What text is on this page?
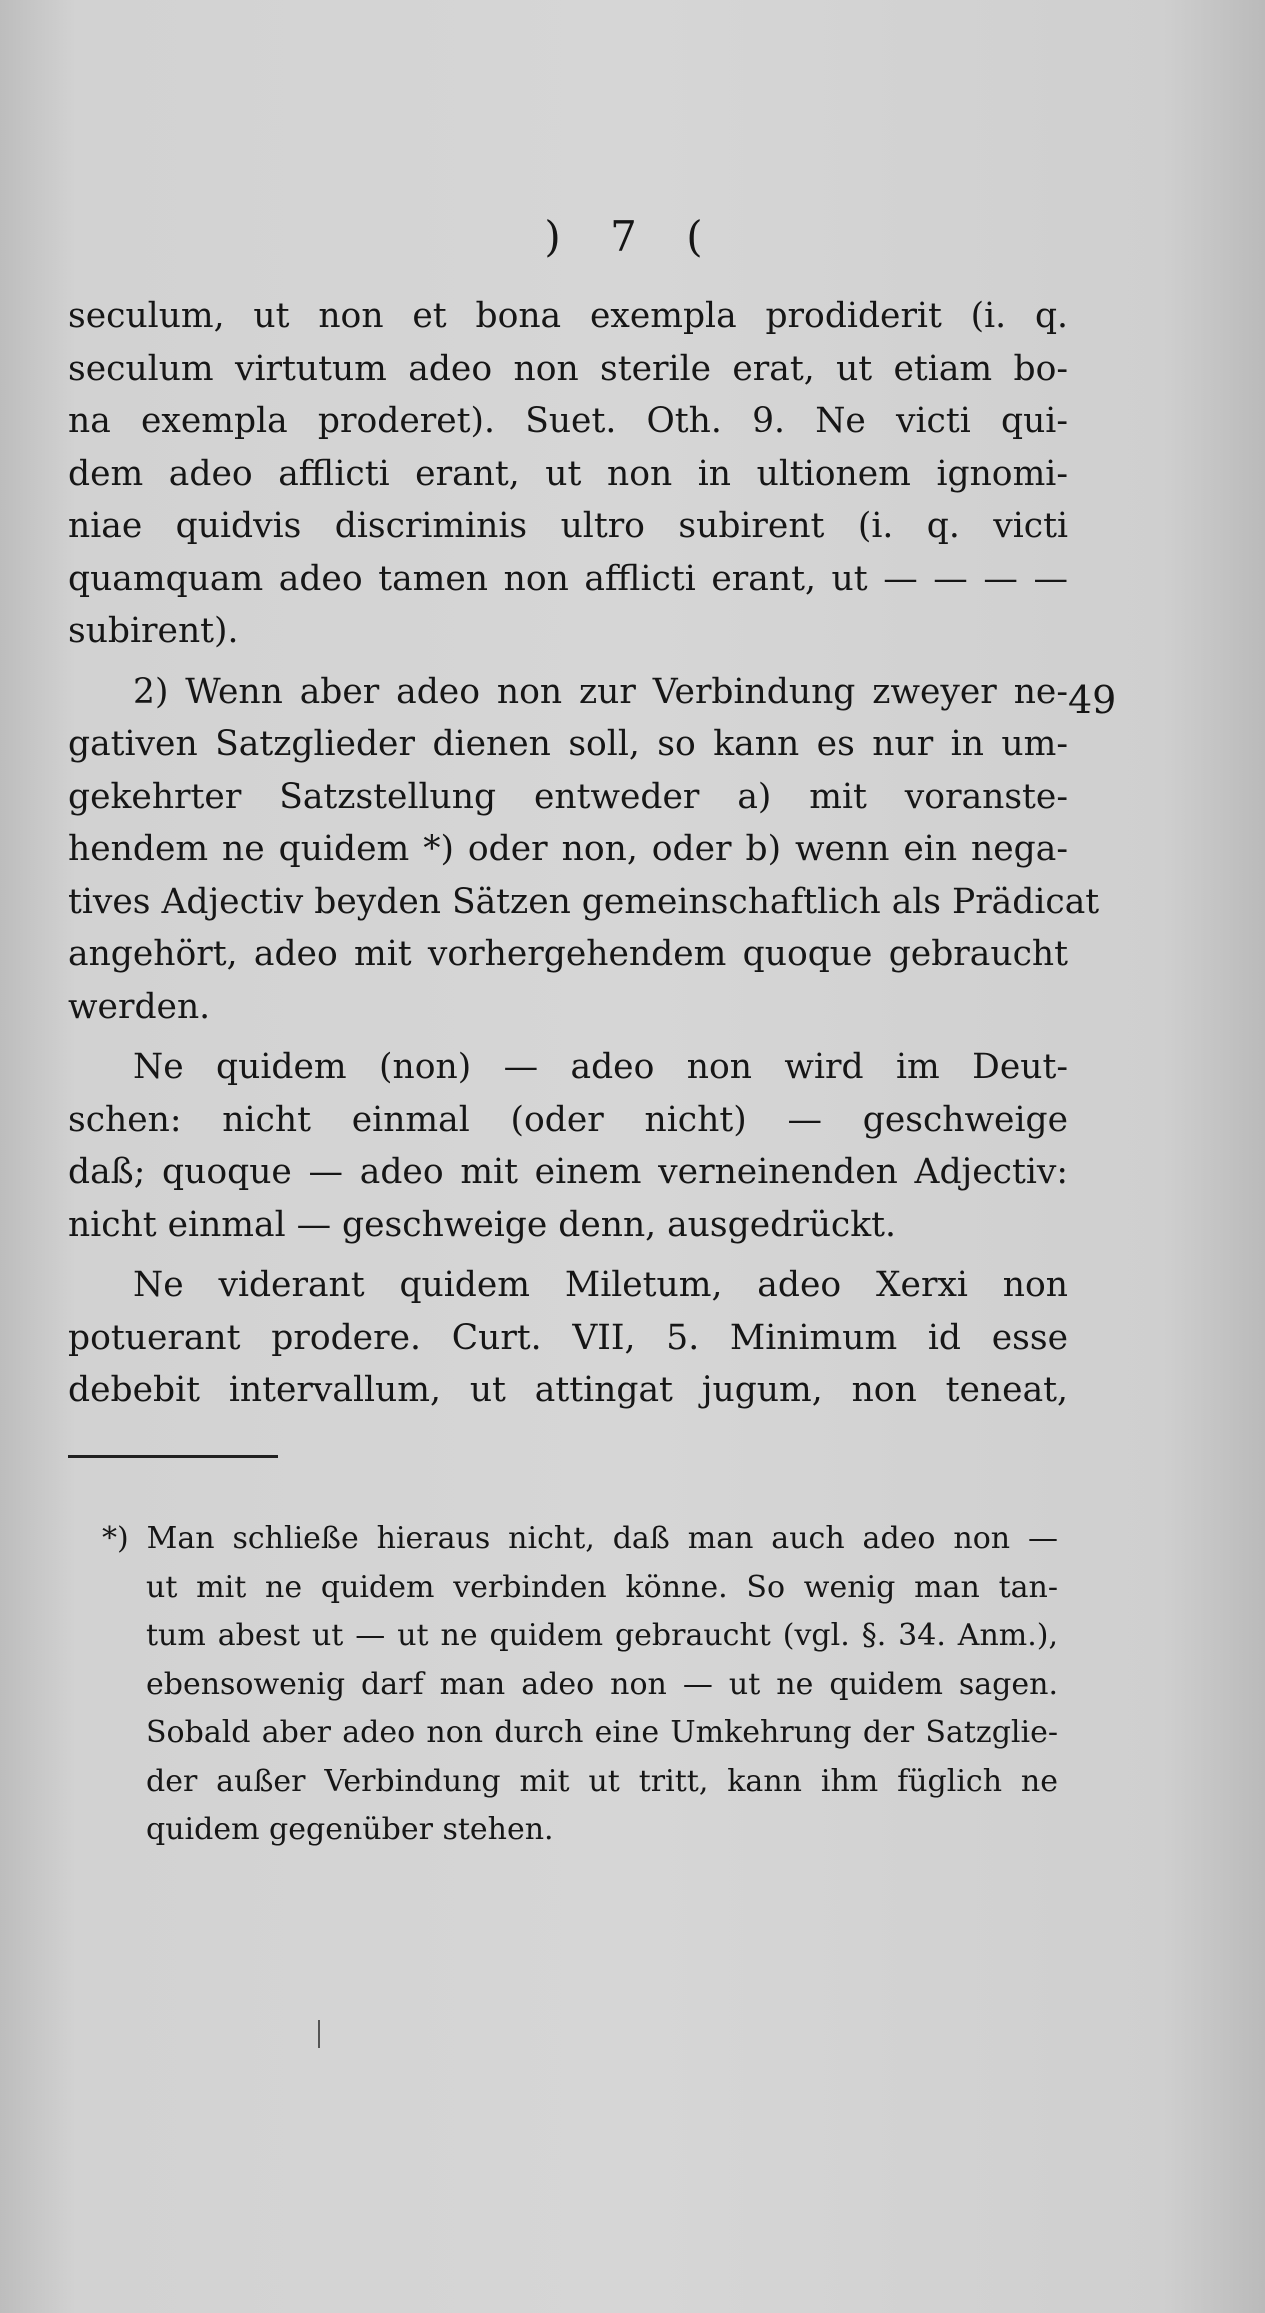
) 7 (
49
seculum, ut non et bona exempla prodiderit (i. q.
seculum virtutum adeo non sterile erat, ut etiam bo-
na exempla proderet). Suet. Oth. 9. Ne victi qui-
dem adeo afflicti erant, ut non in ultionem ignomi-
niae quidvis discriminis ultro subirent (i. q. victi
quamquam adeo tamen non afflicti erant, ut — — — —
subirent).
2) Wenn aber adeo non zur Verbindung zweyer ne-
gativen Satzglieder dienen soll, so kann es nur in um-
gekehrter Satzstellung entweder a) mit voranste-
hendem ne quidem *) oder non, oder b) wenn ein nega-
tives Adjectiv beyden Sätzen gemeinschaftlich als Prädicat
angehört, adeo mit vorhergehendem quoque gebraucht
werden.
Ne quidem (non) — adeo non wird im Deut-
schen: nicht einmal (oder nicht) — geschweige
daß; quoque — adeo mit einem verneinenden Adjectiv:
nicht einmal — geschweige denn, ausgedrückt.
Ne viderant quidem Miletum, adeo Xerxi non
potuerant prodere. Curt. VII, 5. Minimum id esse
debebit intervallum, ut attingat jugum, non teneat,
*) Man schließe hieraus nicht, daß man auch adeo non —
ut mit ne quidem verbinden könne. So wenig man tan-
tum abest ut — ut ne quidem gebraucht (vgl. §. 34. Anm.),
ebensowenig darf man adeo non — ut ne quidem sagen.
Sobald aber adeo non durch eine Umkehrung der Satzglie-
der außer Verbindung mit ut tritt, kann ihm füglich ne
quidem gegenüber stehen.
